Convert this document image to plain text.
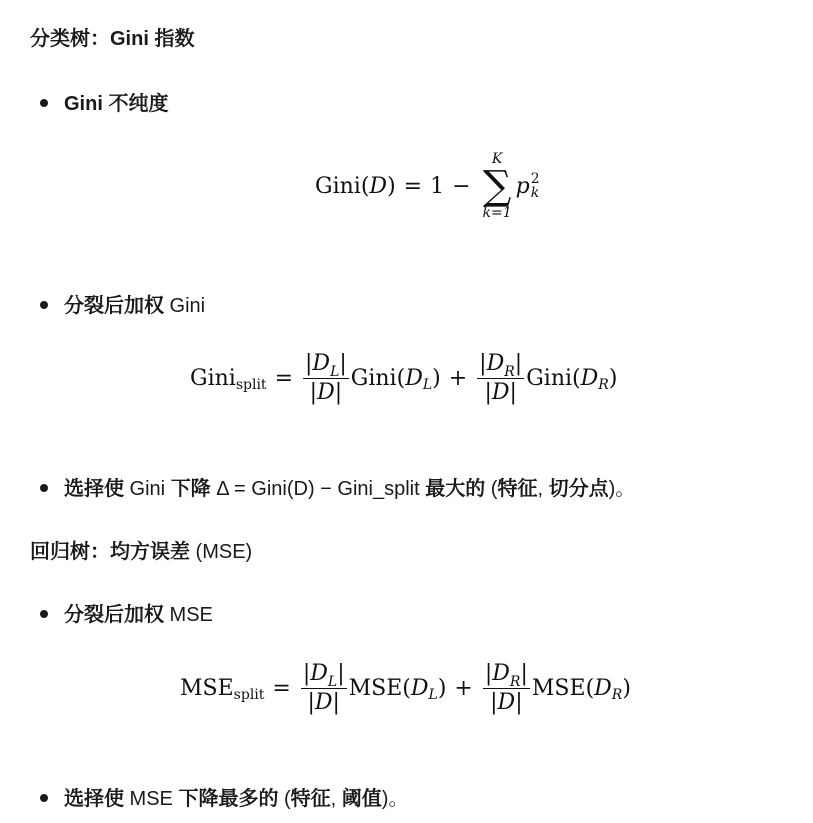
分类树：Gini 指数
Gini 不纯度
Gini ( D ) = 1 −
K
∑
k=1
p 2
k
分裂后加权 Gini
Gini split = $\frac{|D_L|}{|D|}$ Gini ( D L ) + $\frac{|D_R|}{|D|}$ Gini ( D R )
选择使 Gini 下降 Δ = Gini(D) − Gini_split 最大的 (特征, 切分点)。
回归树：均方误差 (MSE)
分裂后加权 MSE
MSE split = $\frac{|D_L|}{|D|}$ MSE ( D L ) + $\frac{|D_R|}{|D|}$ MSE ( D R )
选择使 MSE 下降最多的 (特征, 阈值)。
